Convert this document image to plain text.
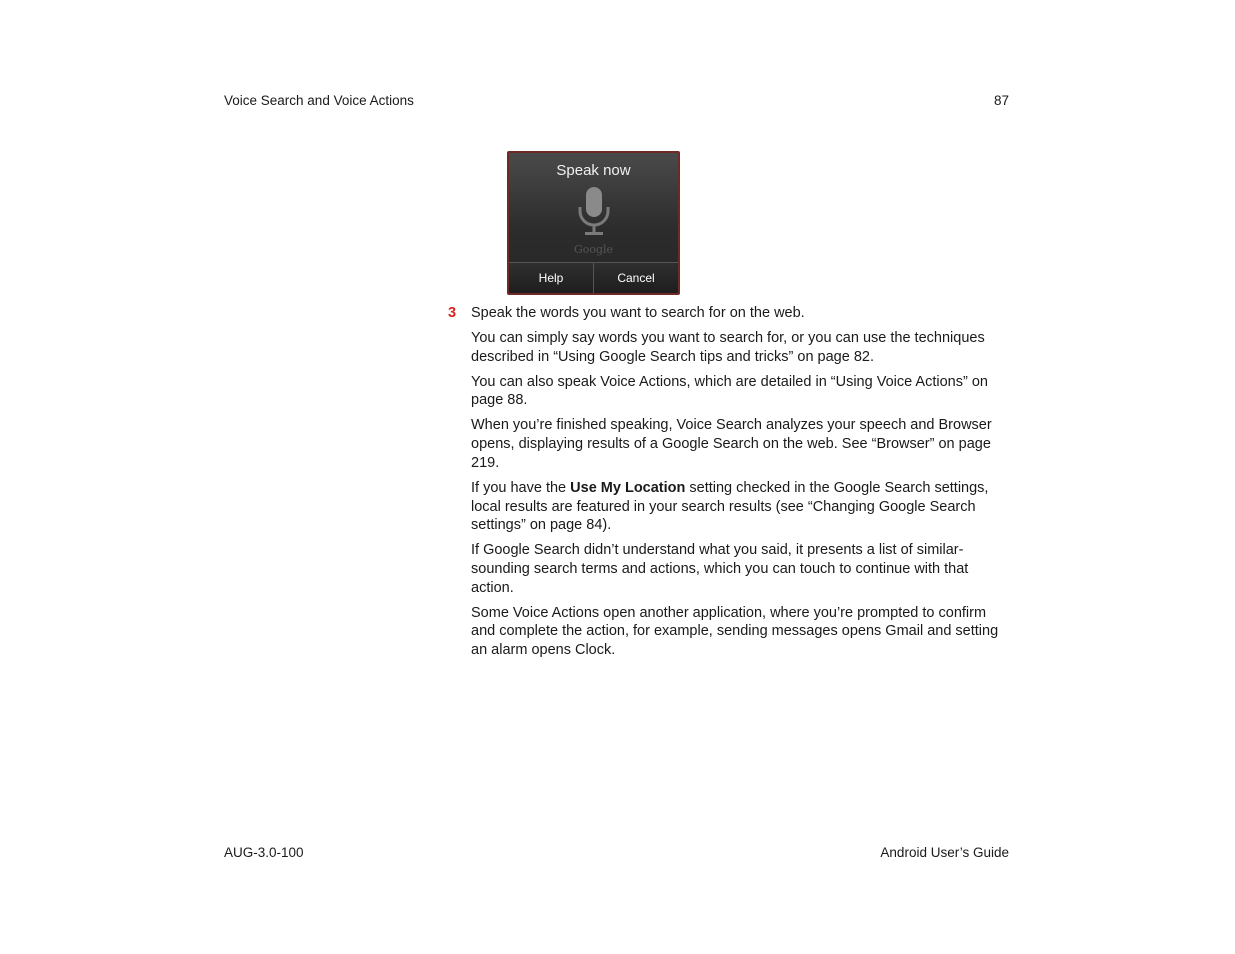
Voice Search and Voice Actions	87
Speak now
Google
Help	Cancel
3 Speak the words you want to search for on the web.

You can simply say words you want to search for, or you can use the techniques described in “Using Google Search tips and tricks” on page 82.

You can also speak Voice Actions, which are detailed in “Using Voice Actions” on page 88.

When you’re finished speaking, Voice Search analyzes your speech and Browser opens, displaying results of a Google Search on the web. See “Browser” on page 219.

If you have the Use My Location setting checked in the Google Search settings, local results are featured in your search results (see “Changing Google Search settings” on page 84).

If Google Search didn’t understand what you said, it presents a list of similar-sounding search terms and actions, which you can touch to continue with that action.

Some Voice Actions open another application, where you’re prompted to confirm and complete the action, for example, sending messages opens Gmail and setting an alarm opens Clock.

AUG-3.0-100	Android User’s Guide
